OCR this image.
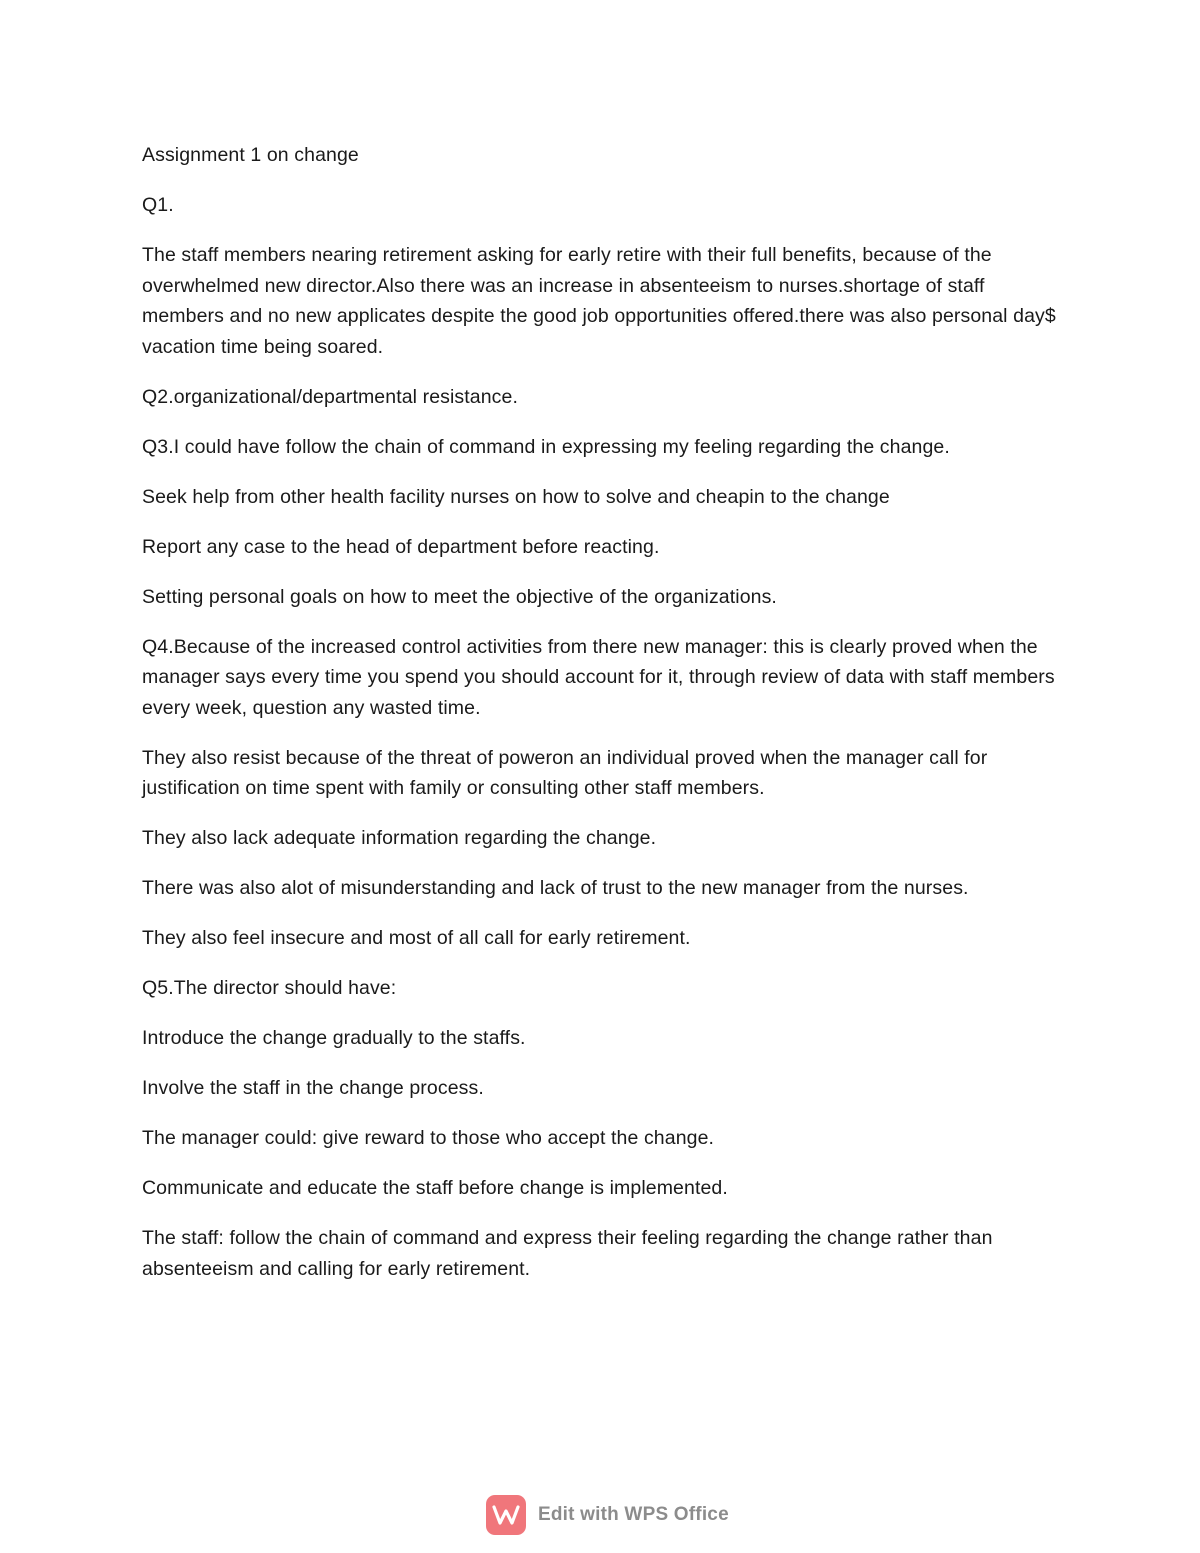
Assignment 1 on change

Q1.

The staff members nearing retirement asking for early retire with their full benefits, because of the overwhelmed new director.Also there was an increase in absenteeism to nurses.shortage of staff members and no new applicates despite the good job opportunities offered.there was also personal day$ vacation time being soared.

Q2.organizational/departmental resistance.

Q3.I could have follow the chain of command in expressing my feeling regarding the change.

Seek help from other health facility nurses on how to solve and cheapin to the change

Report any case to the head of department before reacting.

Setting personal goals on how to meet the objective of the organizations.

Q4.Because of the increased control activities from there new manager: this is clearly proved when the manager says every time you spend you should account for it, through review of data with staff members every week, question any wasted time.

They also resist because of the threat of poweron an individual proved when the manager call for justification on time spent with family or consulting other staff members.

They also lack adequate information regarding the change.

There was also alot of misunderstanding and lack of trust to the new manager from the nurses.

They also feel insecure and most of all call for early retirement.

Q5.The director should have:

Introduce the change gradually to the staffs.

Involve the staff in the change process.

The manager could: give reward to those who accept the change.

Communicate and educate the staff before change is implemented.

The staff: follow the chain of command and express their feeling regarding the change rather than absenteeism and calling for early retirement.

Edit with WPS Office
